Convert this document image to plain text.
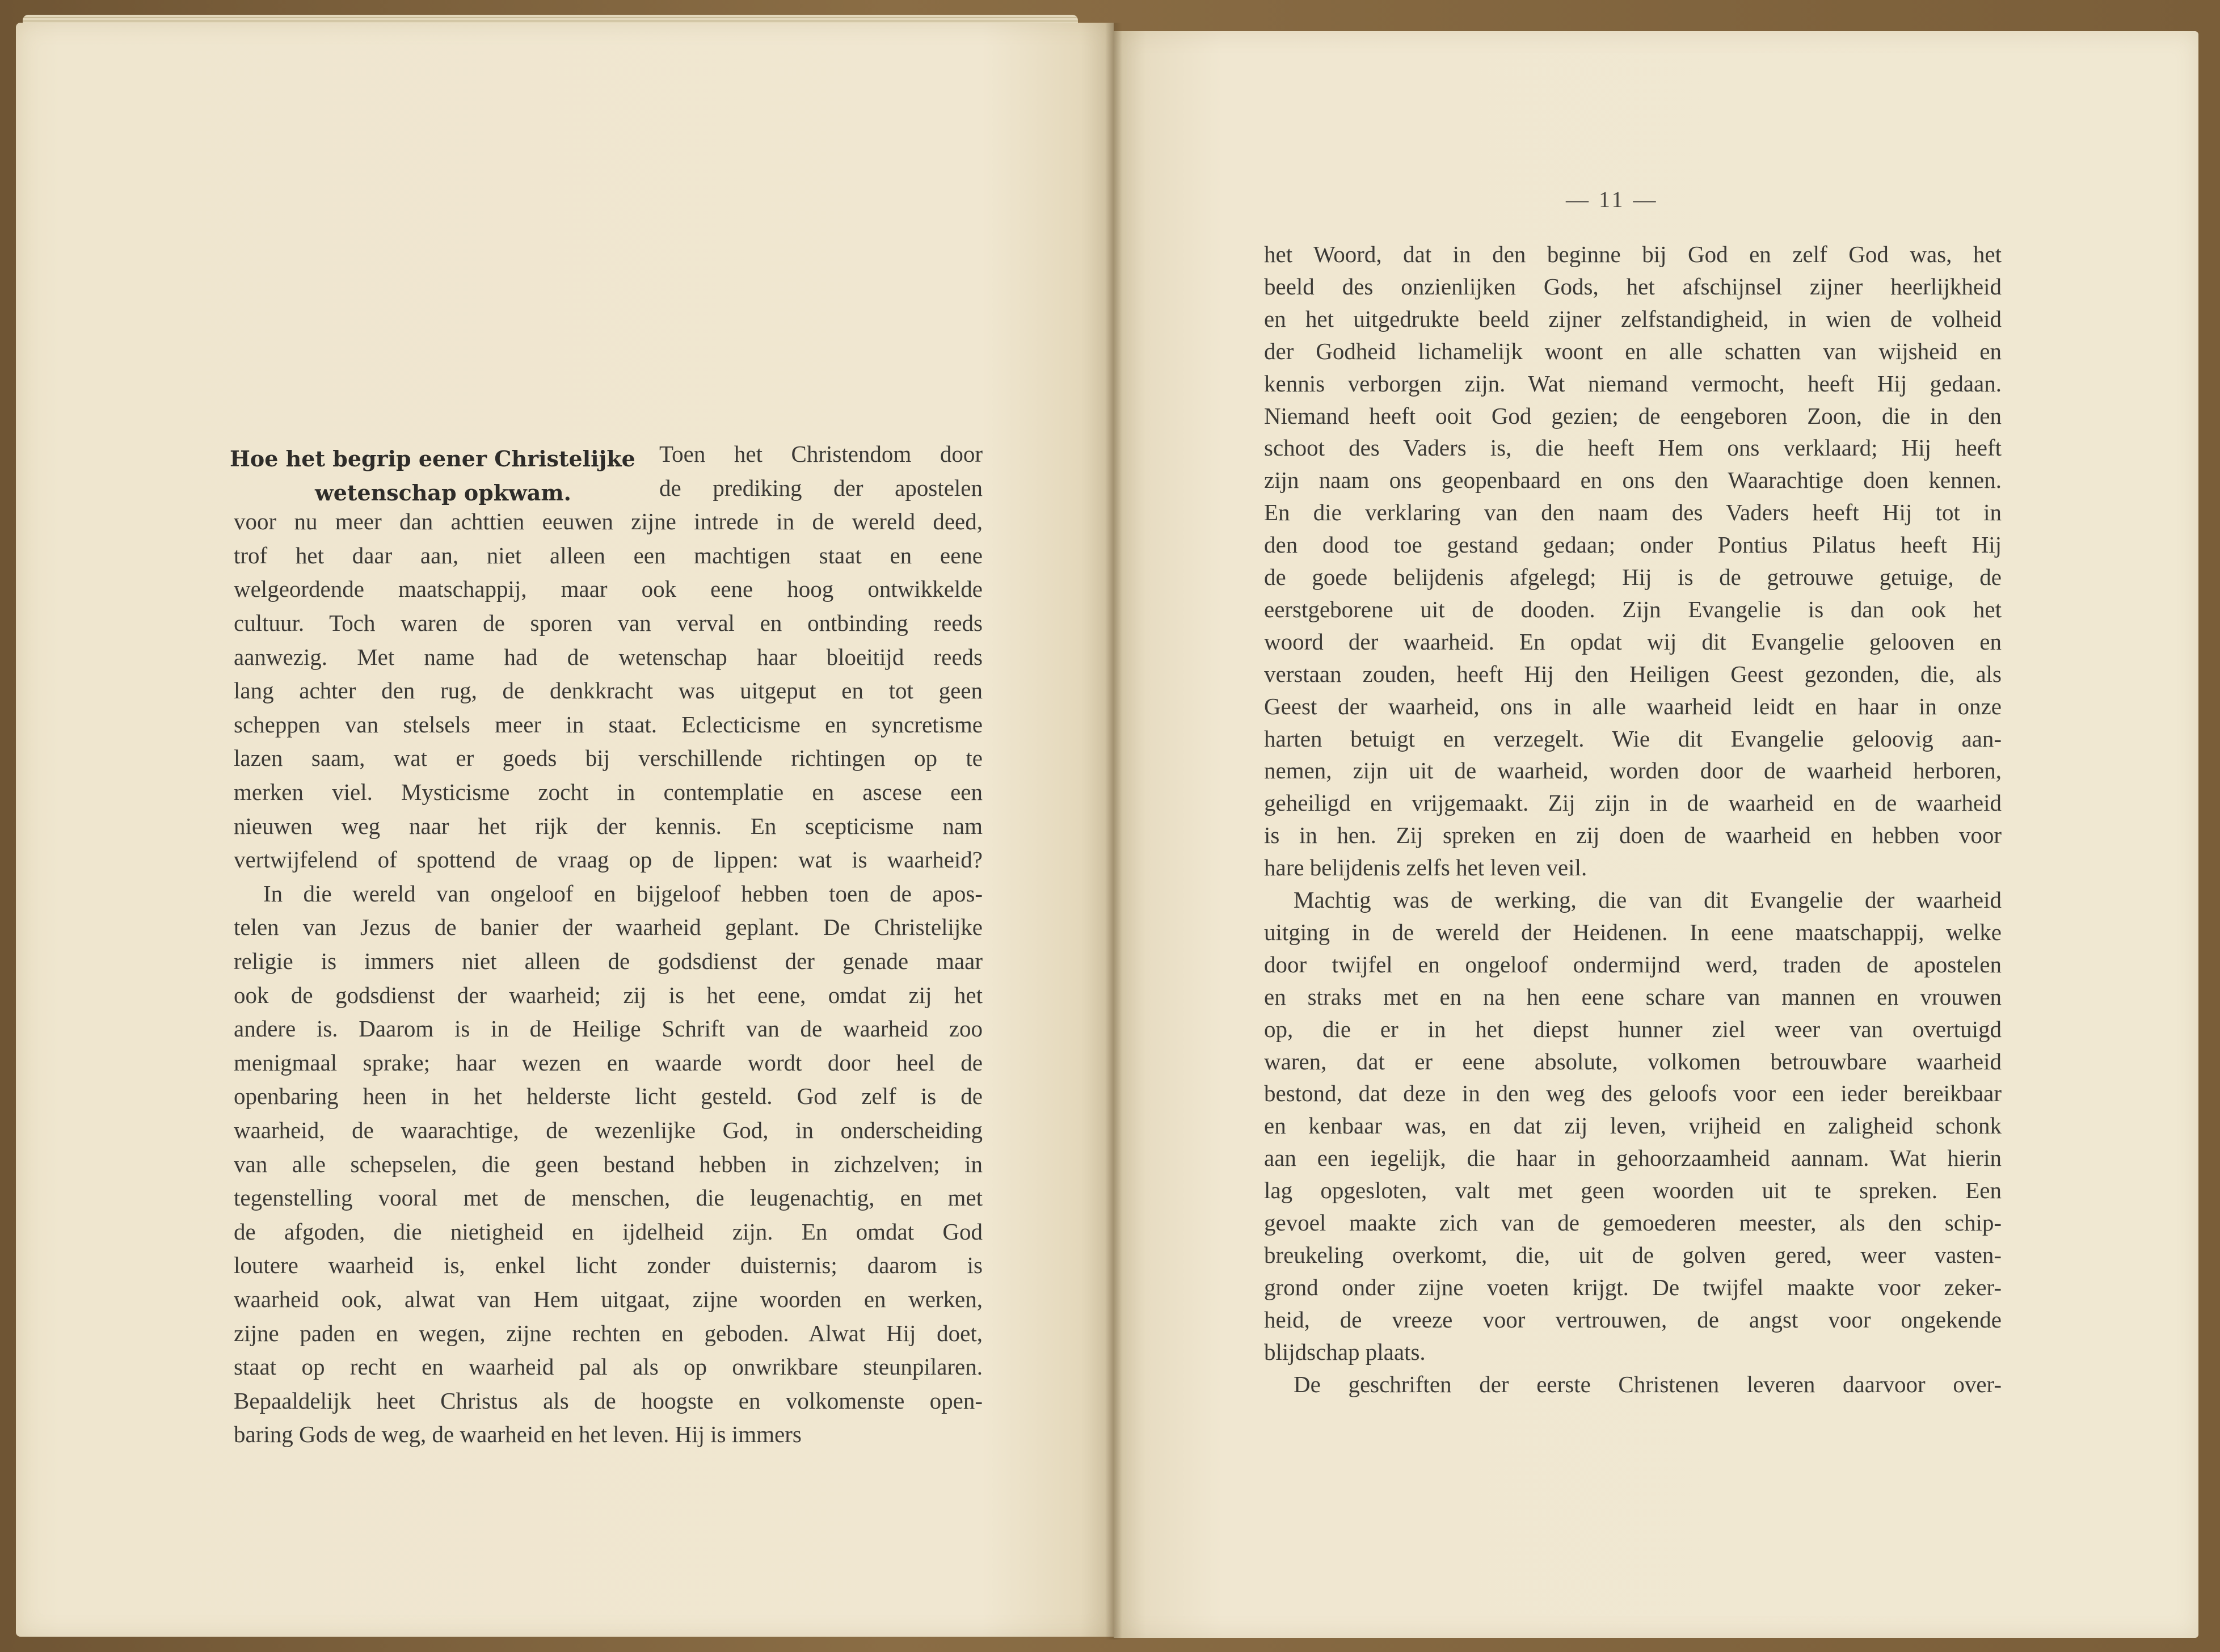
Hoe het begrip eener Christelijke
wetenschap opkwam.
Toen het Christendom door
de prediking der apostelen
voor nu meer dan achttien eeuwen zijne intrede in de wereld deed,
trof het daar aan, niet alleen een machtigen staat en eene
welgeordende maatschappij, maar ook eene hoog ontwikkelde
cultuur. Toch waren de sporen van verval en ontbinding reeds
aanwezig. Met name had de wetenschap haar bloeitijd reeds
lang achter den rug, de denkkracht was uitgeput en tot geen
scheppen van stelsels meer in staat. Eclecticisme en syncretisme
lazen saam, wat er goeds bij verschillende richtingen op te
merken viel. Mysticisme zocht in contemplatie en ascese een
nieuwen weg naar het rijk der kennis. En scepticisme nam
vertwijfelend of spottend de vraag op de lippen: wat is waarheid?
In die wereld van ongeloof en bijgeloof hebben toen de apos-
telen van Jezus de banier der waarheid geplant. De Christelijke
religie is immers niet alleen de godsdienst der genade maar
ook de godsdienst der waarheid; zij is het eene, omdat zij het
andere is. Daarom is in de Heilige Schrift van de waarheid zoo
menigmaal sprake; haar wezen en waarde wordt door heel de
openbaring heen in het helderste licht gesteld. God zelf is de
waarheid, de waarachtige, de wezenlijke God, in onderscheiding
van alle schepselen, die geen bestand hebben in zichzelven; in
tegenstelling vooral met de menschen, die leugenachtig, en met
de afgoden, die nietigheid en ijdelheid zijn. En omdat God
loutere waarheid is, enkel licht zonder duisternis; daarom is
waarheid ook, alwat van Hem uitgaat, zijne woorden en werken,
zijne paden en wegen, zijne rechten en geboden. Alwat Hij doet,
staat op recht en waarheid pal als op onwrikbare steunpilaren.
Bepaaldelijk heet Christus als de hoogste en volkomenste open-
baring Gods de weg, de waarheid en het leven. Hij is immers
— 11 —
het Woord, dat in den beginne bij God en zelf God was, het
beeld des onzienlijken Gods, het afschijnsel zijner heerlijkheid
en het uitgedrukte beeld zijner zelfstandigheid, in wien de volheid
der Godheid lichamelijk woont en alle schatten van wijsheid en
kennis verborgen zijn. Wat niemand vermocht, heeft Hij gedaan.
Niemand heeft ooit God gezien; de eengeboren Zoon, die in den
schoot des Vaders is, die heeft Hem ons verklaard; Hij heeft
zijn naam ons geopenbaard en ons den Waarachtige doen kennen.
En die verklaring van den naam des Vaders heeft Hij tot in
den dood toe gestand gedaan; onder Pontius Pilatus heeft Hij
de goede belijdenis afgelegd; Hij is de getrouwe getuige, de
eerstgeborene uit de dooden. Zijn Evangelie is dan ook het
woord der waarheid. En opdat wij dit Evangelie gelooven en
verstaan zouden, heeft Hij den Heiligen Geest gezonden, die, als
Geest der waarheid, ons in alle waarheid leidt en haar in onze
harten betuigt en verzegelt. Wie dit Evangelie geloovig aan-
nemen, zijn uit de waarheid, worden door de waarheid herboren,
geheiligd en vrijgemaakt. Zij zijn in de waarheid en de waarheid
is in hen. Zij spreken en zij doen de waarheid en hebben voor
hare belijdenis zelfs het leven veil.
Machtig was de werking, die van dit Evangelie der waarheid
uitging in de wereld der Heidenen. In eene maatschappij, welke
door twijfel en ongeloof ondermijnd werd, traden de apostelen
en straks met en na hen eene schare van mannen en vrouwen
op, die er in het diepst hunner ziel weer van overtuigd
waren, dat er eene absolute, volkomen betrouwbare waarheid
bestond, dat deze in den weg des geloofs voor een ieder bereikbaar
en kenbaar was, en dat zij leven, vrijheid en zaligheid schonk
aan een iegelijk, die haar in gehoorzaamheid aannam. Wat hierin
lag opgesloten, valt met geen woorden uit te spreken. Een
gevoel maakte zich van de gemoederen meester, als den schip-
breukeling overkomt, die, uit de golven gered, weer vasten-
grond onder zijne voeten krijgt. De twijfel maakte voor zeker-
heid, de vreeze voor vertrouwen, de angst voor ongekende
blijdschap plaats.
De geschriften der eerste Christenen leveren daarvoor over-
